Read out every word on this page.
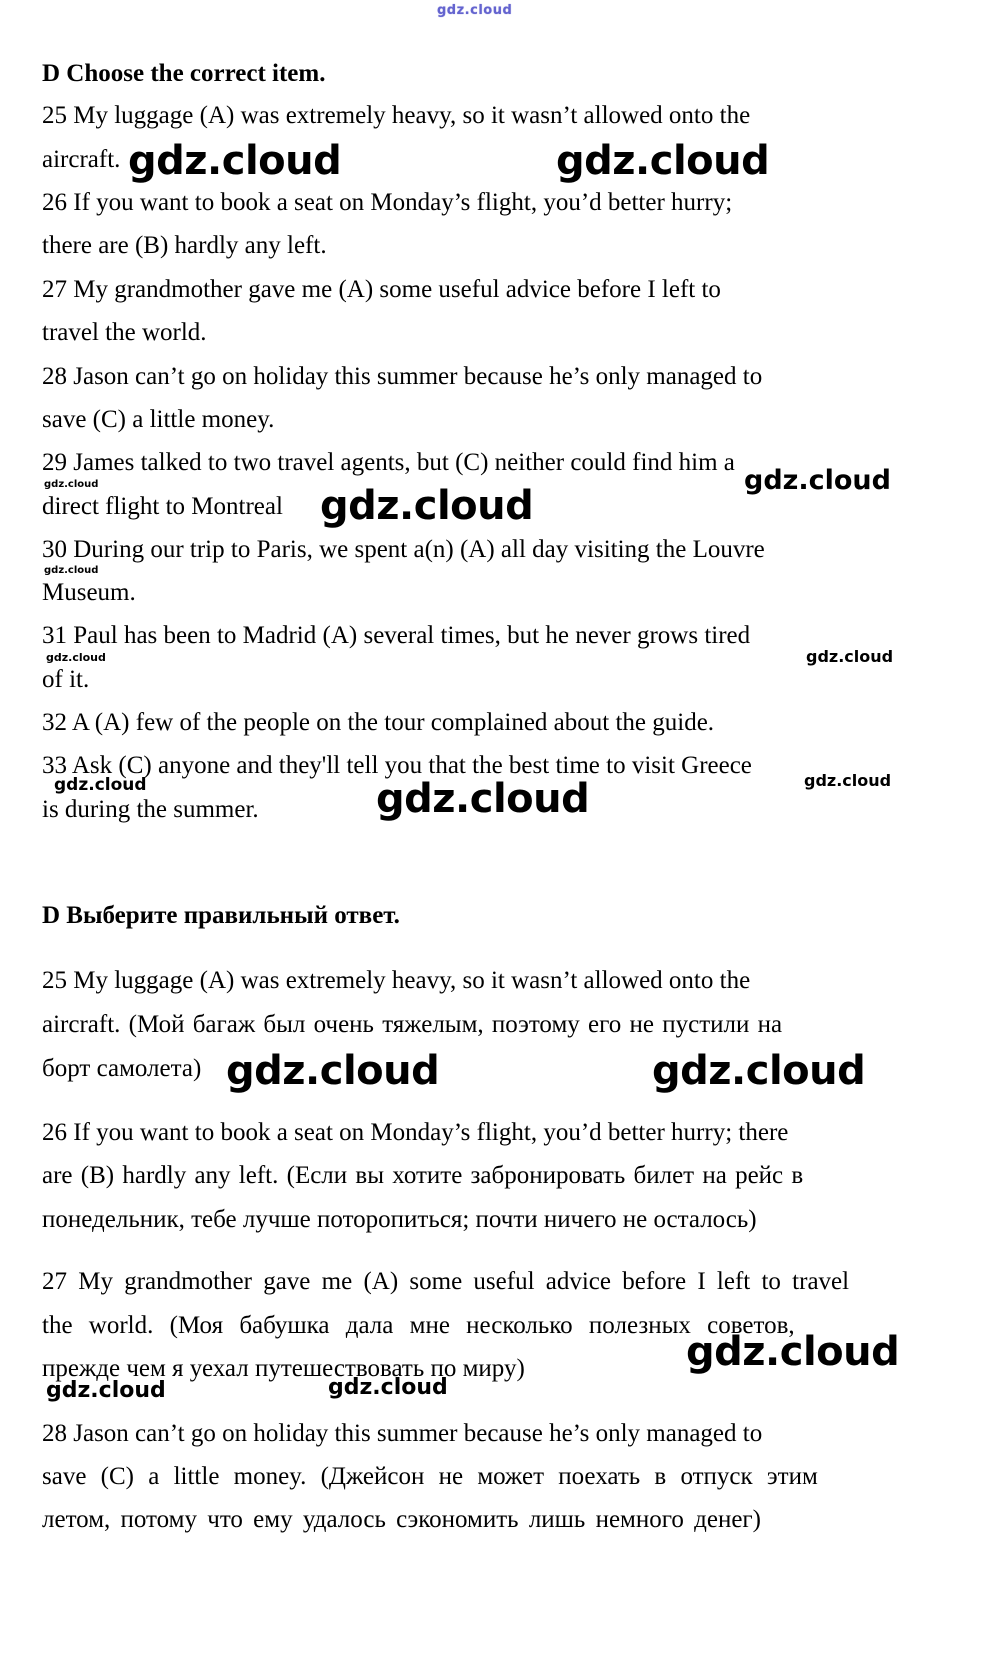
gdz.cloud
D Choose the correct item.
25 My luggage (A) was extremely heavy, so it wasn’t allowed onto the
aircraft. gdz.cloud	gdz.cloud
26 If you want to book a seat on Monday’s flight, you’d better hurry;
there are (B) hardly any left.
27 My grandmother gave me (A) some useful advice before I left to
travel the world.
28 Jason can’t go on holiday this summer because he’s only managed to
save (C) a little money.
29 James talked to two travel agents, but (C) neither could find him a
gdz.cloud
gdz.cloud
direct flight to Montreal gdz.cloud
30 During our trip to Paris, we spent a(n) (A) all day visiting the Louvre
gdz.cloud
Museum.
31 Paul has been to Madrid (A) several times, but he never grows tired
gdz.cloud	gdz.cloud
of it.
32 A (A) few of the people on the tour complained about the guide.
33 Ask (C) anyone and they'll tell you that the best time to visit Greece
gdz.cloud	gdz.cloud
is during the summer.	gdz.cloud
D Выберите правильный ответ.
25 My luggage (A) was extremely heavy, so it wasn’t allowed onto the
aircraft. (Мой багаж был очень тяжелым, поэтому его не пустили на
борт самолета) gdz.cloud	gdz.cloud
26 If you want to book a seat on Monday’s flight, you’d better hurry; there
are (B) hardly any left. (Если вы хотите забронировать билет на рейс в
понедельник, тебе лучше поторопиться; почти ничего не осталось)
27 My grandmother gave me (A) some useful advice before I left to travel
the world. (Моя бабушка дала мне несколько полезных советов,
gdz.cloud
прежде чем я уехал путешествовать по миру)
gdz.cloud	gdz.cloud
28 Jason can’t go on holiday this summer because he’s only managed to
save (C) a little money. (Джейсон не может поехать в отпуск этим
летом, потому что ему удалось сэкономить лишь немного денег)
